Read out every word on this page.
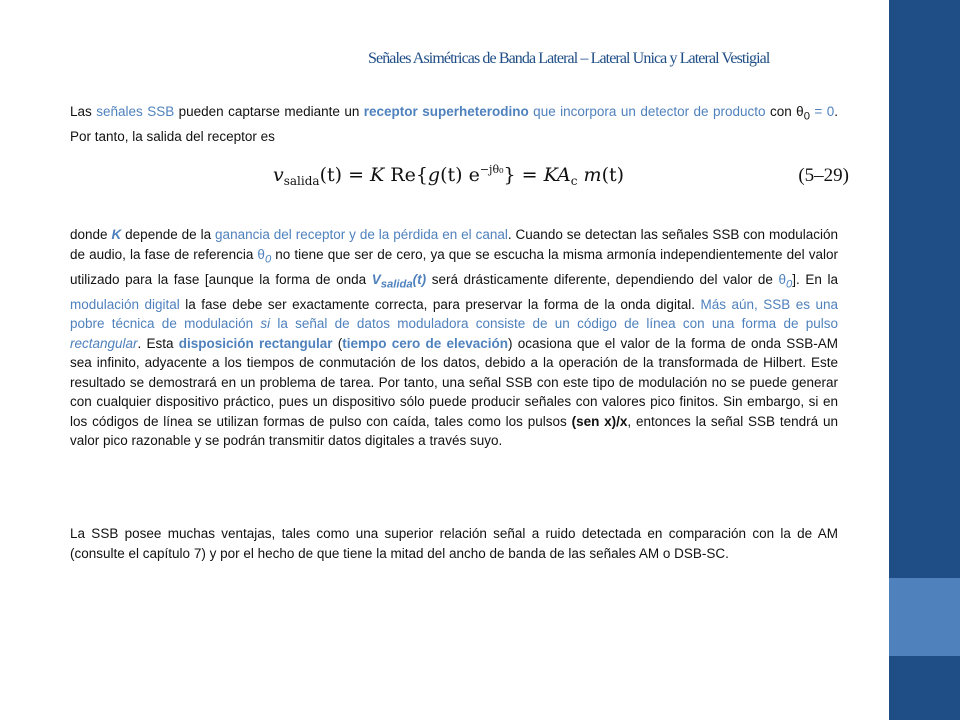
Señales Asimétricas de Banda Lateral – Lateral Unica y Lateral Vestigial
Las señales SSB pueden captarse mediante un receptor superheterodino que incorpora un detector de producto con $\theta_0 = 0$. Por tanto, la salida del receptor es
$v_{salida}(t) = K$ Re{g(t) $e^{-j\theta_0}\} = KA_c$ m(t)	(5–29)
donde K depende de la ganancia del receptor y de la pérdida en el canal. Cuando se detectan las señales SSB con modulación de audio, la fase de referencia $\theta_0$ no tiene que ser de cero, ya que se escucha la misma armonía independientemente del valor utilizado para la fase [aunque la forma de onda $V_{salida}(t)$ será drásticamente diferente, dependiendo del valor de $\theta_0$]. En la modulación digital la fase debe ser exactamente correcta, para preservar la forma de la onda digital. Más aún, SSB es una pobre técnica de modulación si la señal de datos moduladora consiste de un código de línea con una forma de pulso rectangular. Esta disposición rectangular (tiempo cero de elevación) ocasiona que el valor de la forma de onda SSB-AM sea infinito, adyacente a los tiempos de conmutación de los datos, debido a la operación de la transformada de Hilbert. Este resultado se demostrará en un problema de tarea. Por tanto, una señal SSB con este tipo de modulación no se puede generar con cualquier dispositivo práctico, pues un dispositivo sólo puede producir señales con valores pico finitos. Sin embargo, si en los códigos de línea se utilizan formas de pulso con caída, tales como los pulsos (sen x)/x, entonces la señal SSB tendrá un valor pico razonable y se podrán transmitir datos digitales a través suyo.
La SSB posee muchas ventajas, tales como una superior relación señal a ruido detectada en comparación con la de AM (consulte el capítulo 7) y por el hecho de que tiene la mitad del ancho de banda de las señales AM o DSB-SC.
